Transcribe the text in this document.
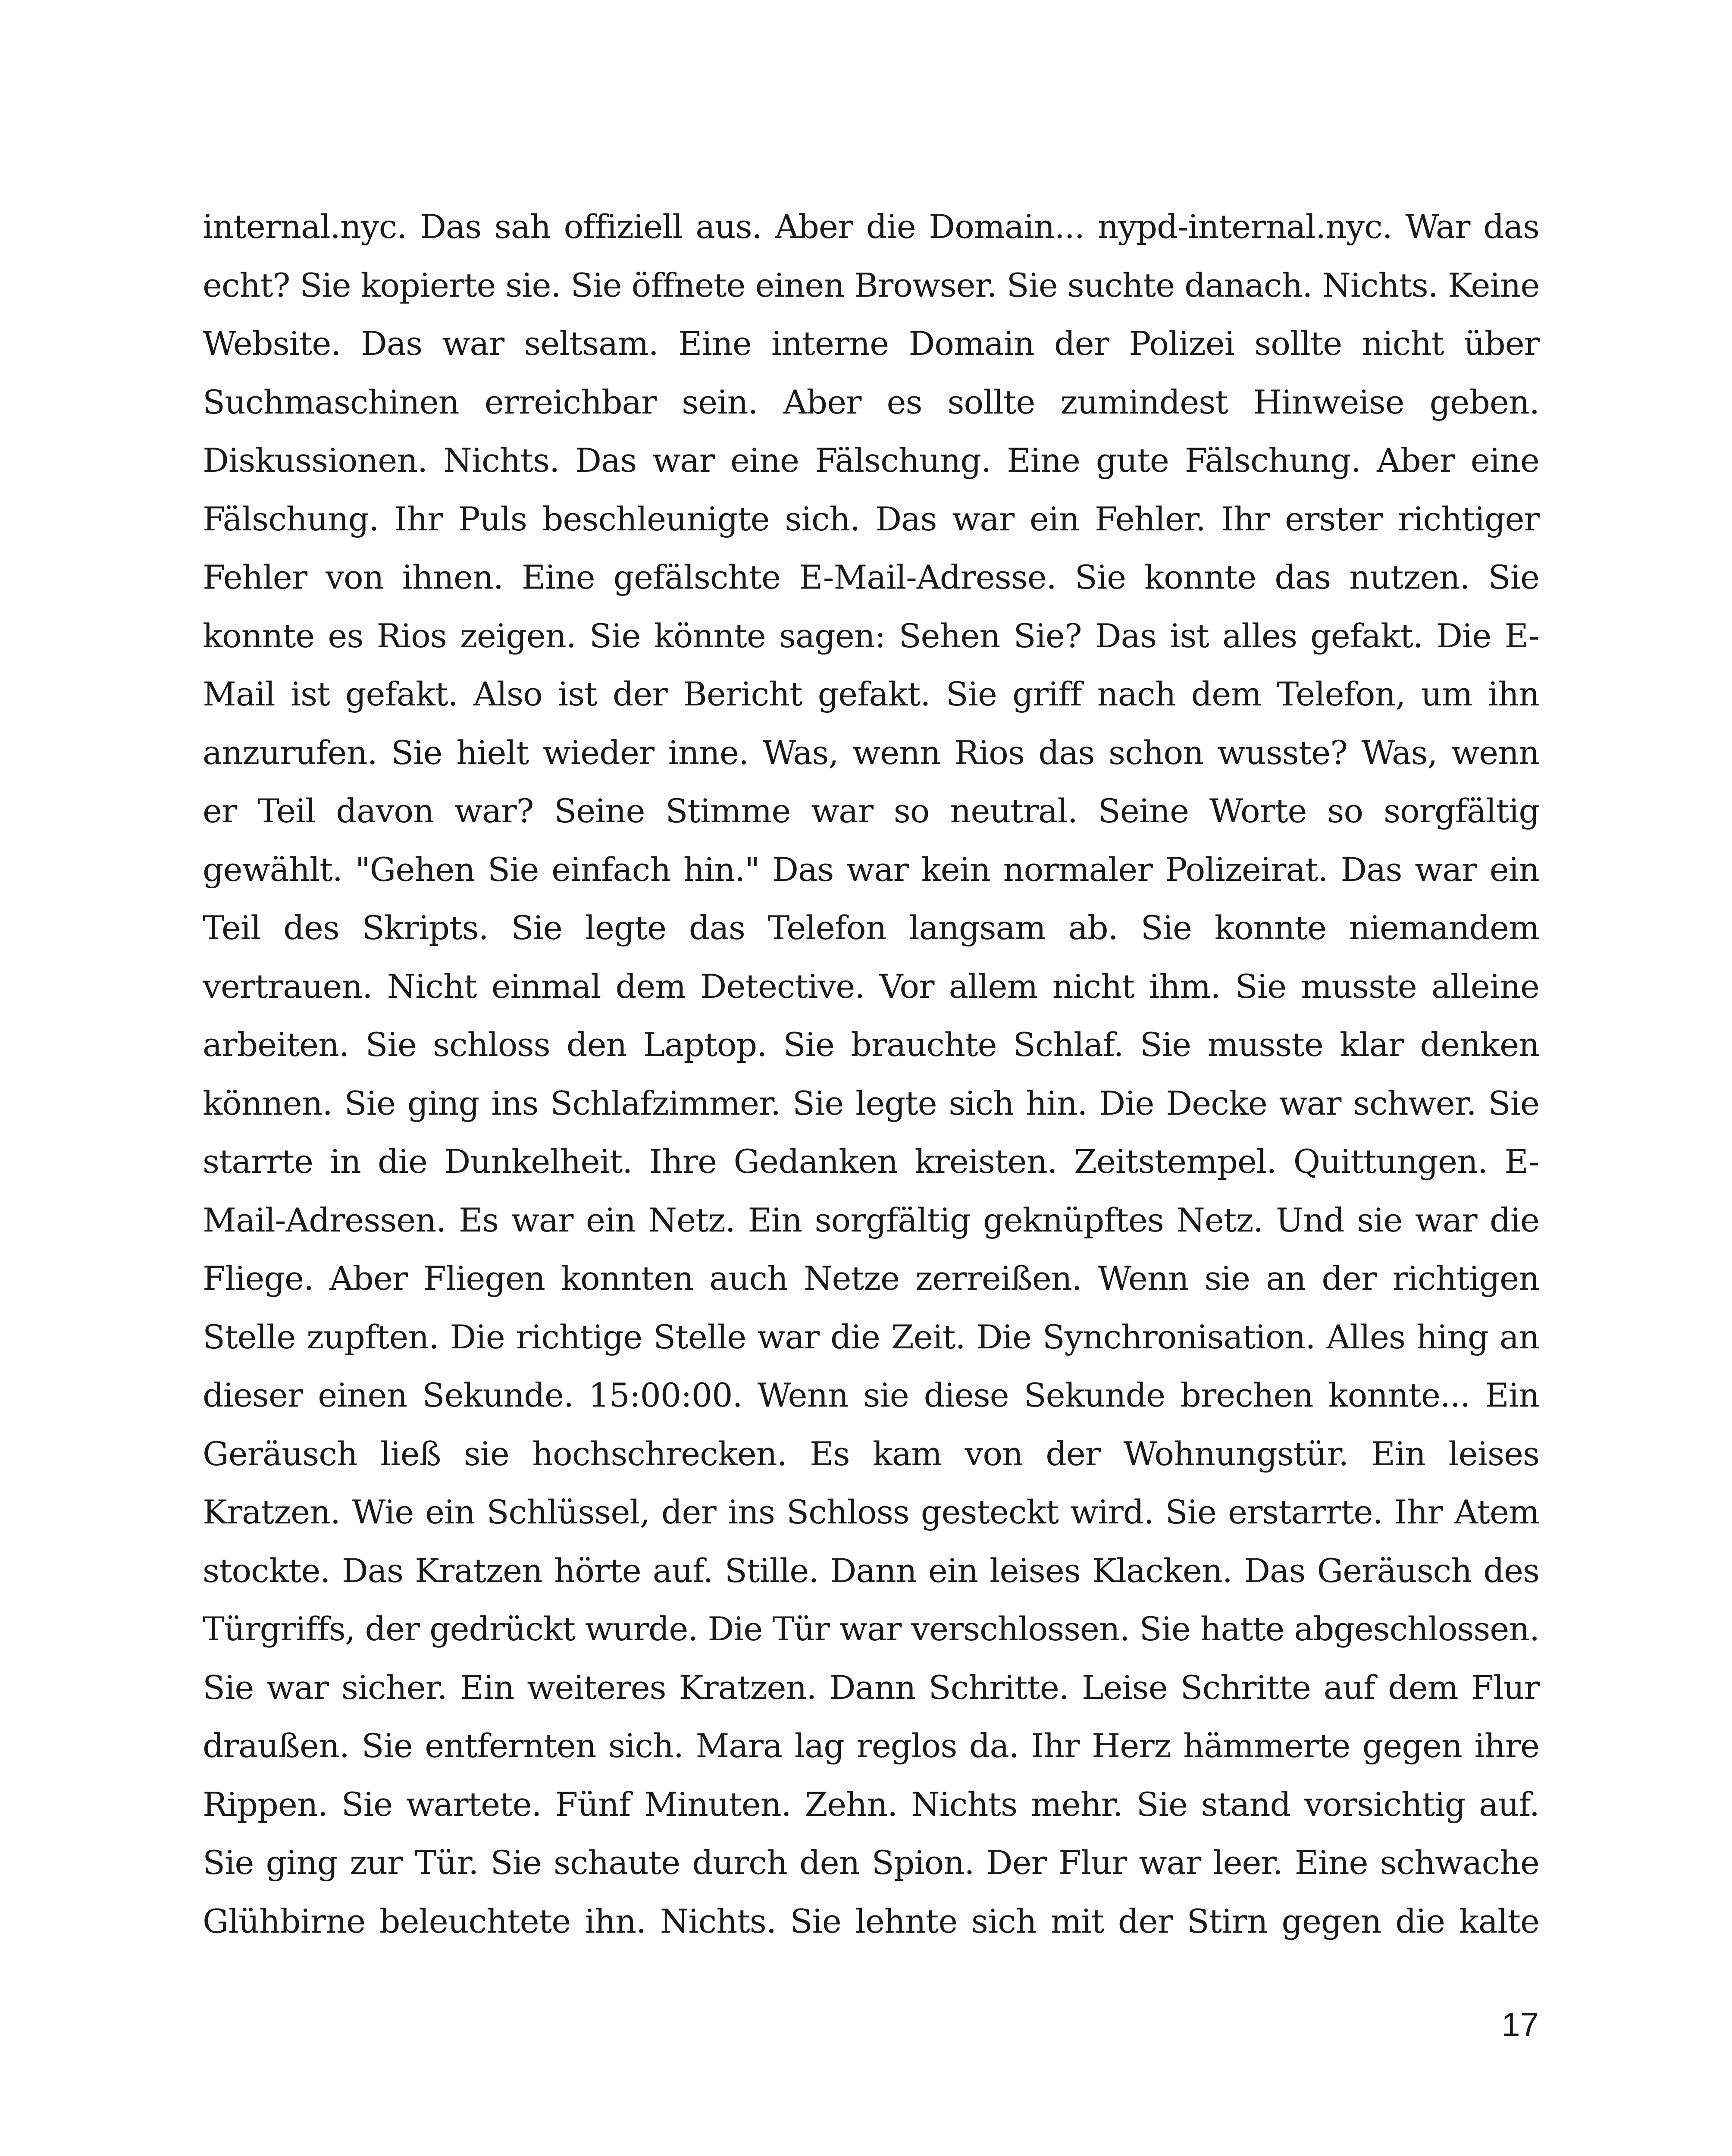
internal.nyc. Das sah offiziell aus. Aber die Domain... nypd-internal.nyc. War das
echt? Sie kopierte sie. Sie öffnete einen Browser. Sie suchte danach. Nichts. Keine
Website. Das war seltsam. Eine interne Domain der Polizei sollte nicht über
Suchmaschinen erreichbar sein. Aber es sollte zumindest Hinweise geben.
Diskussionen. Nichts. Das war eine Fälschung. Eine gute Fälschung. Aber eine
Fälschung. Ihr Puls beschleunigte sich. Das war ein Fehler. Ihr erster richtiger
Fehler von ihnen. Eine gefälschte E-Mail-Adresse. Sie konnte das nutzen. Sie
konnte es Rios zeigen. Sie könnte sagen: Sehen Sie? Das ist alles gefakt. Die E-
Mail ist gefakt. Also ist der Bericht gefakt. Sie griff nach dem Telefon, um ihn
anzurufen. Sie hielt wieder inne. Was, wenn Rios das schon wusste? Was, wenn
er Teil davon war? Seine Stimme war so neutral. Seine Worte so sorgfältig
gewählt. "Gehen Sie einfach hin." Das war kein normaler Polizeirat. Das war ein
Teil des Skripts. Sie legte das Telefon langsam ab. Sie konnte niemandem
vertrauen. Nicht einmal dem Detective. Vor allem nicht ihm. Sie musste alleine
arbeiten. Sie schloss den Laptop. Sie brauchte Schlaf. Sie musste klar denken
können. Sie ging ins Schlafzimmer. Sie legte sich hin. Die Decke war schwer. Sie
starrte in die Dunkelheit. Ihre Gedanken kreisten. Zeitstempel. Quittungen. E-
Mail-Adressen. Es war ein Netz. Ein sorgfältig geknüpftes Netz. Und sie war die
Fliege. Aber Fliegen konnten auch Netze zerreißen. Wenn sie an der richtigen
Stelle zupften. Die richtige Stelle war die Zeit. Die Synchronisation. Alles hing an
dieser einen Sekunde. 15:00:00. Wenn sie diese Sekunde brechen konnte... Ein
Geräusch ließ sie hochschrecken. Es kam von der Wohnungstür. Ein leises
Kratzen. Wie ein Schlüssel, der ins Schloss gesteckt wird. Sie erstarrte. Ihr Atem
stockte. Das Kratzen hörte auf. Stille. Dann ein leises Klacken. Das Geräusch des
Türgriffs, der gedrückt wurde. Die Tür war verschlossen. Sie hatte abgeschlossen.
Sie war sicher. Ein weiteres Kratzen. Dann Schritte. Leise Schritte auf dem Flur
draußen. Sie entfernten sich. Mara lag reglos da. Ihr Herz hämmerte gegen ihre
Rippen. Sie wartete. Fünf Minuten. Zehn. Nichts mehr. Sie stand vorsichtig auf.
Sie ging zur Tür. Sie schaute durch den Spion. Der Flur war leer. Eine schwache
Glühbirne beleuchtete ihn. Nichts. Sie lehnte sich mit der Stirn gegen die kalte
17
